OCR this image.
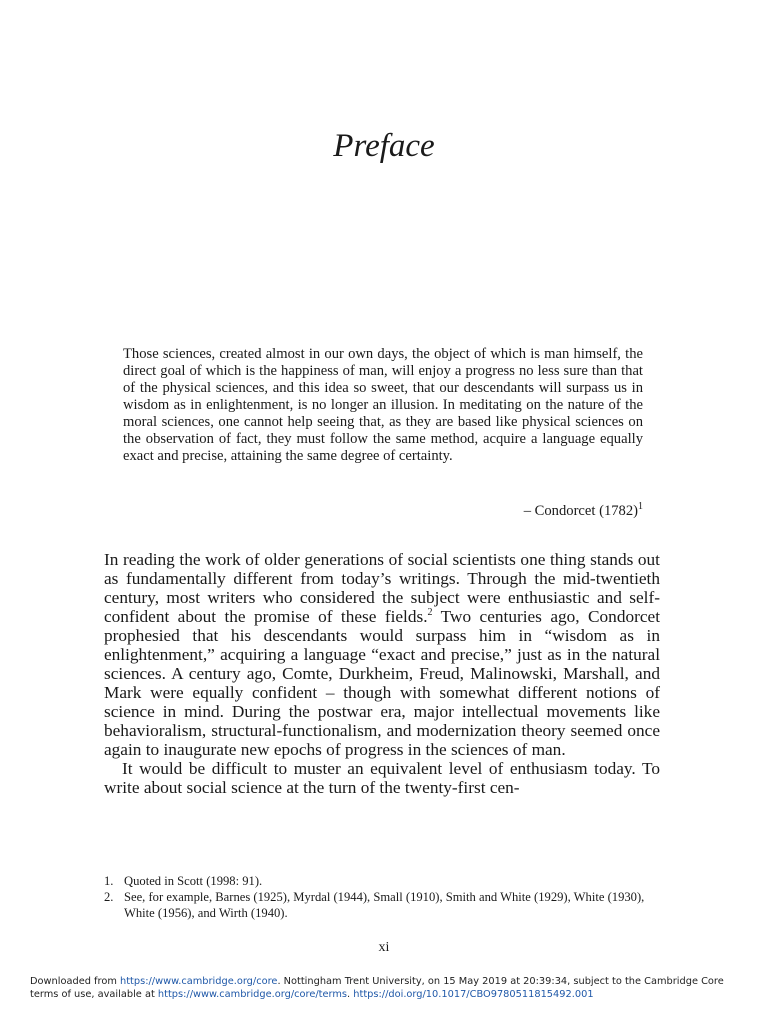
Preface

Those sciences, created almost in our own days, the object of which is man himself, the direct goal of which is the happiness of man, will enjoy a progress no less sure than that of the physical sciences, and this idea so sweet, that our descendants will surpass us in wisdom as in enlightenment, is no longer an illusion. In meditating on the nature of the moral sciences, one cannot help seeing that, as they are based like physical sciences on the observation of fact, they must follow the same method, acquire a language equally exact and precise, attaining the same degree of certainty.

– Condorcet $(1782)^1$

In reading the work of older generations of social scientists one thing stands out as fundamentally different from today’s writings. Through the mid-twentieth century, most writers who considered the subject were enthusiastic and self-confident about the promise of these fields.$^2$ Two centuries ago, Condorcet prophesied that his descendants would surpass him in “wisdom as in enlightenment,” acquiring a language “exact and precise,” just as in the natural sciences. A century ago, Comte, Durkheim, Freud, Malinowski, Marshall, and Mark were equally confident – though with somewhat different notions of science in mind. During the postwar era, major intellectual movements like behavioralism, structural-functionalism, and modernization theory seemed once again to inaugurate new epochs of progress in the sciences of man.

It would be difficult to muster an equivalent level of enthusiasm today. To write about social science at the turn of the twenty-first cen-

1. Quoted in Scott (1998: 91).
2. See, for example, Barnes (1925), Myrdal (1944), Small (1910), Smith and White (1929), White (1930), White (1956), and Wirth (1940).
xi

Downloaded from https://www.cambridge.org/core. Nottingham Trent University, on 15 May 2019 at 20:39:34, subject to the Cambridge Core terms of use, available at https://www.cambridge.org/core/terms. https://doi.org/10.1017/CBO9780511815492.001
